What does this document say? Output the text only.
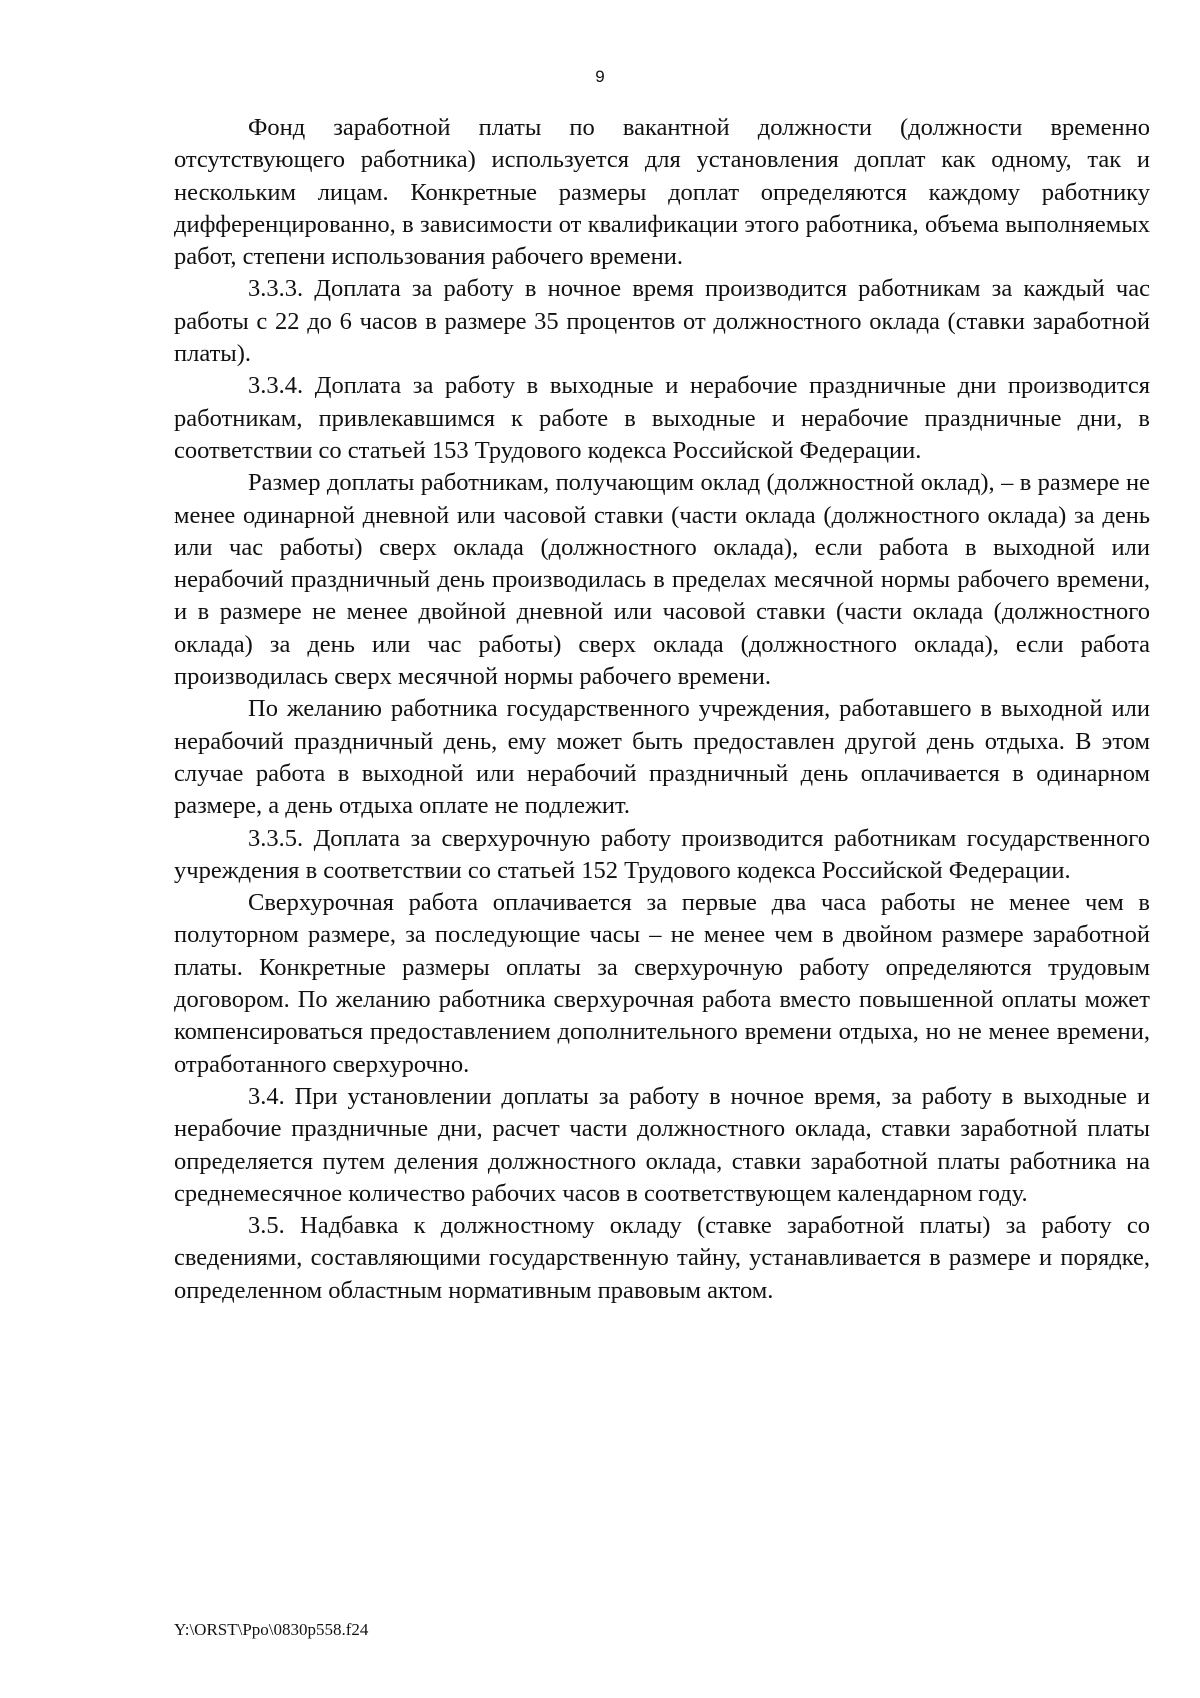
9

Фонд заработной платы по вакантной должности (должности временно отсутствующего работника) используется для установления доплат как одному, так и нескольким лицам. Конкретные размеры доплат определяются каждому работнику дифференцированно, в зависимости от квалификации этого работника, объема выполняемых работ, степени использования рабочего времени.

3.3.3. Доплата за работу в ночное время производится работникам за каждый час работы с 22 до 6 часов в размере 35 процентов от должностного оклада (ставки заработной платы).

3.3.4. Доплата за работу в выходные и нерабочие праздничные дни производится работникам, привлекавшимся к работе в выходные и нерабочие праздничные дни, в соответствии со статьей 153 Трудового кодекса Российской Федерации.

Размер доплаты работникам, получающим оклад (должностной оклад), – в размере не менее одинарной дневной или часовой ставки (части оклада (должностного оклада) за день или час работы) сверх оклада (должностного оклада), если работа в выходной или нерабочий праздничный день производилась в пределах месячной нормы рабочего времени, и в размере не менее двойной дневной или часовой ставки (части оклада (должностного оклада) за день или час работы) сверх оклада (должностного оклада), если работа производилась сверх месячной нормы рабочего времени.

По желанию работника государственного учреждения, работавшего в выходной или нерабочий праздничный день, ему может быть предоставлен другой день отдыха. В этом случае работа в выходной или нерабочий праздничный день оплачивается в одинарном размере, а день отдыха оплате не подлежит.

3.3.5. Доплата за сверхурочную работу производится работникам государственного учреждения в соответствии со статьей 152 Трудового кодекса Российской Федерации.

Сверхурочная работа оплачивается за первые два часа работы не менее чем в полуторном размере, за последующие часы – не менее чем в двойном размере заработной платы. Конкретные размеры оплаты за сверхурочную работу определяются трудовым договором. По желанию работника сверхурочная работа вместо повышенной оплаты может компенсироваться предоставлением дополнительного времени отдыха, но не менее времени, отработанного сверхурочно.

3.4. При установлении доплаты за работу в ночное время, за работу в выходные и нерабочие праздничные дни, расчет части должностного оклада, ставки заработной платы определяется путем деления должностного оклада, ставки заработной платы работника на среднемесячное количество рабочих часов в соответствующем календарном году.

3.5. Надбавка к должностному окладу (ставке заработной платы) за работу со сведениями, составляющими государственную тайну, устанавливается в размере и порядке, определенном областным нормативным правовым актом.

Y:\ORST\Ppo\0830p558.f24
